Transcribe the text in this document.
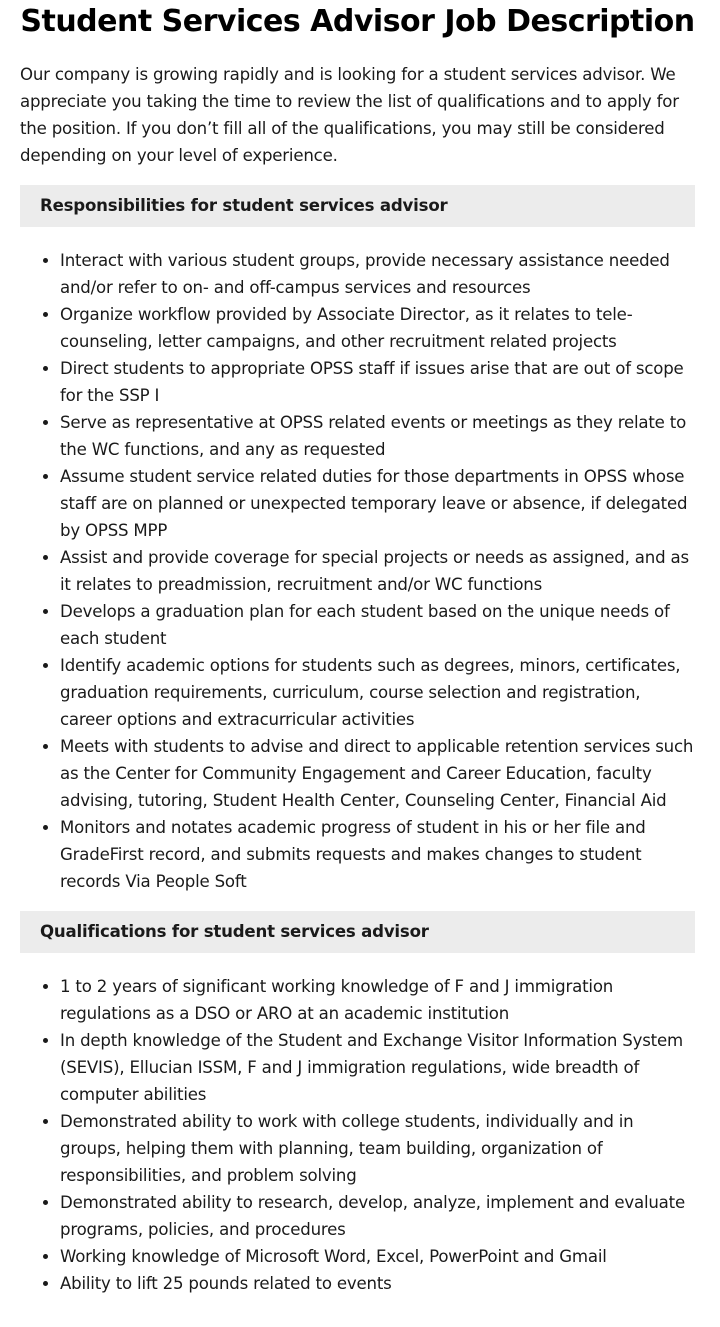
Student Services Advisor Job Description

Our company is growing rapidly and is looking for a student services advisor. We appreciate you taking the time to review the list of qualifications and to apply for the position. If you don’t fill all of the qualifications, you may still be considered depending on your level of experience.

Responsibilities for student services advisor
• Interact with various student groups, provide necessary assistance needed and/or refer to on- and off-campus services and resources
• Organize workflow provided by Associate Director, as it relates to tele-counseling, letter campaigns, and other recruitment related projects
• Direct students to appropriate OPSS staff if issues arise that are out of scope for the SSP I
• Serve as representative at OPSS related events or meetings as they relate to the WC functions, and any as requested
• Assume student service related duties for those departments in OPSS whose staff are on planned or unexpected temporary leave or absence, if delegated by OPSS MPP
• Assist and provide coverage for special projects or needs as assigned, and as it relates to preadmission, recruitment and/or WC functions
• Develops a graduation plan for each student based on the unique needs of each student
• Identify academic options for students such as degrees, minors, certificates, graduation requirements, curriculum, course selection and registration, career options and extracurricular activities
• Meets with students to advise and direct to applicable retention services such as the Center for Community Engagement and Career Education, faculty advising, tutoring, Student Health Center, Counseling Center, Financial Aid
• Monitors and notates academic progress of student in his or her file and GradeFirst record, and submits requests and makes changes to student records Via People Soft
Qualifications for student services advisor
• 1 to 2 years of significant working knowledge of F and J immigration regulations as a DSO or ARO at an academic institution
• In depth knowledge of the Student and Exchange Visitor Information System (SEVIS), Ellucian ISSM, F and J immigration regulations, wide breadth of computer abilities
• Demonstrated ability to work with college students, individually and in groups, helping them with planning, team building, organization of responsibilities, and problem solving
• Demonstrated ability to research, develop, analyze, implement and evaluate programs, policies, and procedures
• Working knowledge of Microsoft Word, Excel, PowerPoint and Gmail
• Ability to lift 25 pounds related to events
